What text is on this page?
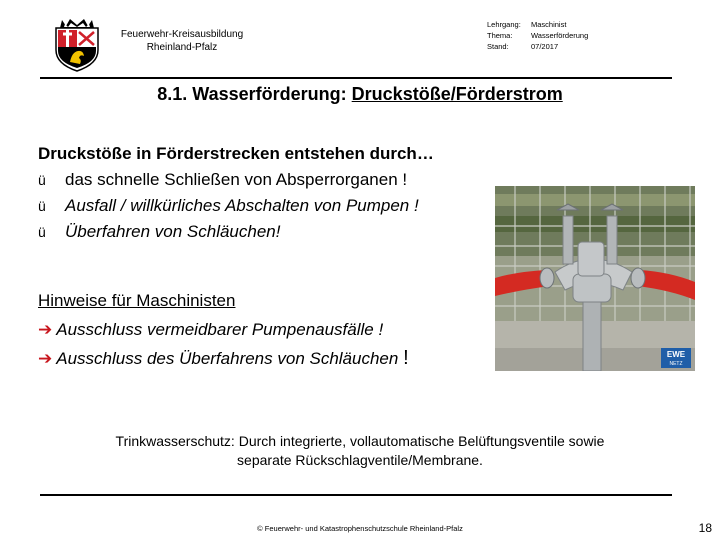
Feuerwehr-Kreisausbildung
Rheinland-Pfalz
Lehrgang: Maschinist
Thema: Wasserförderung
Stand:	07/2017
8.1. Wasserförderung: Druckstöße/Förderstrom
Druckstöße in Förderstrecken entstehen durch…
ü das schnelle Schließen von Absperrorganen !
ü Ausfall / willkürliches Abschalten von Pumpen !
ü Überfahren von Schläuchen!
EWE
NETZ
Hinweise für Maschinisten
➔ Ausschluss vermeidbarer Pumpenausfälle !
➔ Ausschluss des Überfahrens von Schläuchen !
Trinkwasserschutz: Durch integrierte, vollautomatische Belüftungsventile sowie
separate Rückschlagventile/Membrane.
© Feuerwehr- und Katastrophenschutzschule Rheinland-Pfalz	18
